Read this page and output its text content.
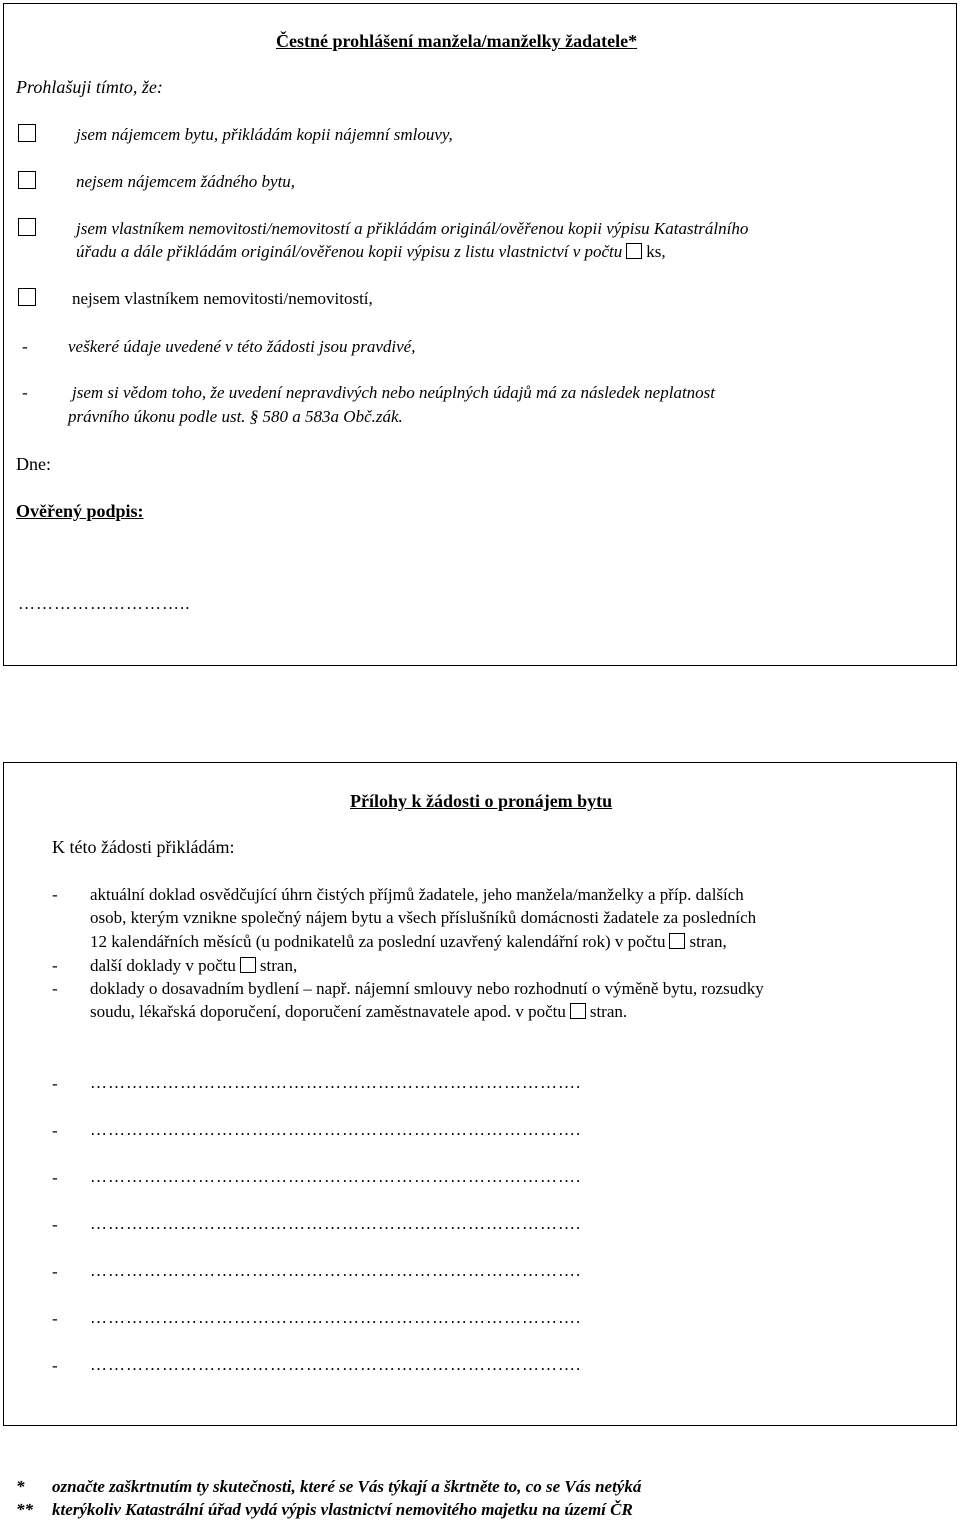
Čestné prohlášení manžela/manželky žadatele*
Prohlašuji tímto, že:
jsem nájemcem bytu, přikládám kopii nájemní smlouvy,
nejsem nájemcem žádného bytu,
jsem vlastníkem nemovitosti/nemovitostí a přikládám originál/ověřenou kopii výpisu Katastrálního
úřadu a dále přikládám originál/ověřenou kopii výpisu z listu vlastnictví v počtu ks,
nejsem vlastníkem nemovitosti/nemovitostí,
- veškeré údaje uvedené v této žádosti jsou pravdivé,
-	jsem si vědom toho, že uvedení nepravdivých nebo neúplných údajů má za následek neplatnost
právního úkonu podle ust. § 580 a 583a Obč.zák.
Dne:
Ověřený podpis:
………………………..
Přílohy k žádosti o pronájem bytu
K této žádosti přikládám:
- aktuální doklad osvědčující úhrn čistých příjmů žadatele, jeho manžela/manželky a příp. dalších
osob, kterým vznikne společný nájem bytu a všech příslušníků domácnosti žadatele za posledních
12 kalendářních měsíců (u podnikatelů za poslední uzavřený kalendářní rok) v počtu stran,
- další doklady v počtu stran,
- doklady o dosavadním bydlení – např. nájemní smlouvy nebo rozhodnutí o výměně bytu, rozsudky
soudu, lékařská doporučení, doporučení zaměstnavatele apod. v počtu stran.
- ……………………………………………………………………….
- ……………………………………………………………………….
- ……………………………………………………………………….
- ……………………………………………………………………….
- ……………………………………………………………………….
- ……………………………………………………………………….
- ……………………………………………………………………….
* označte zaškrtnutím ty skutečnosti, které se Vás týkají a škrtněte to, co se Vás netýká
** kterýkoliv Katastrální úřad vydá výpis vlastnictví nemovitého majetku na území ČR
